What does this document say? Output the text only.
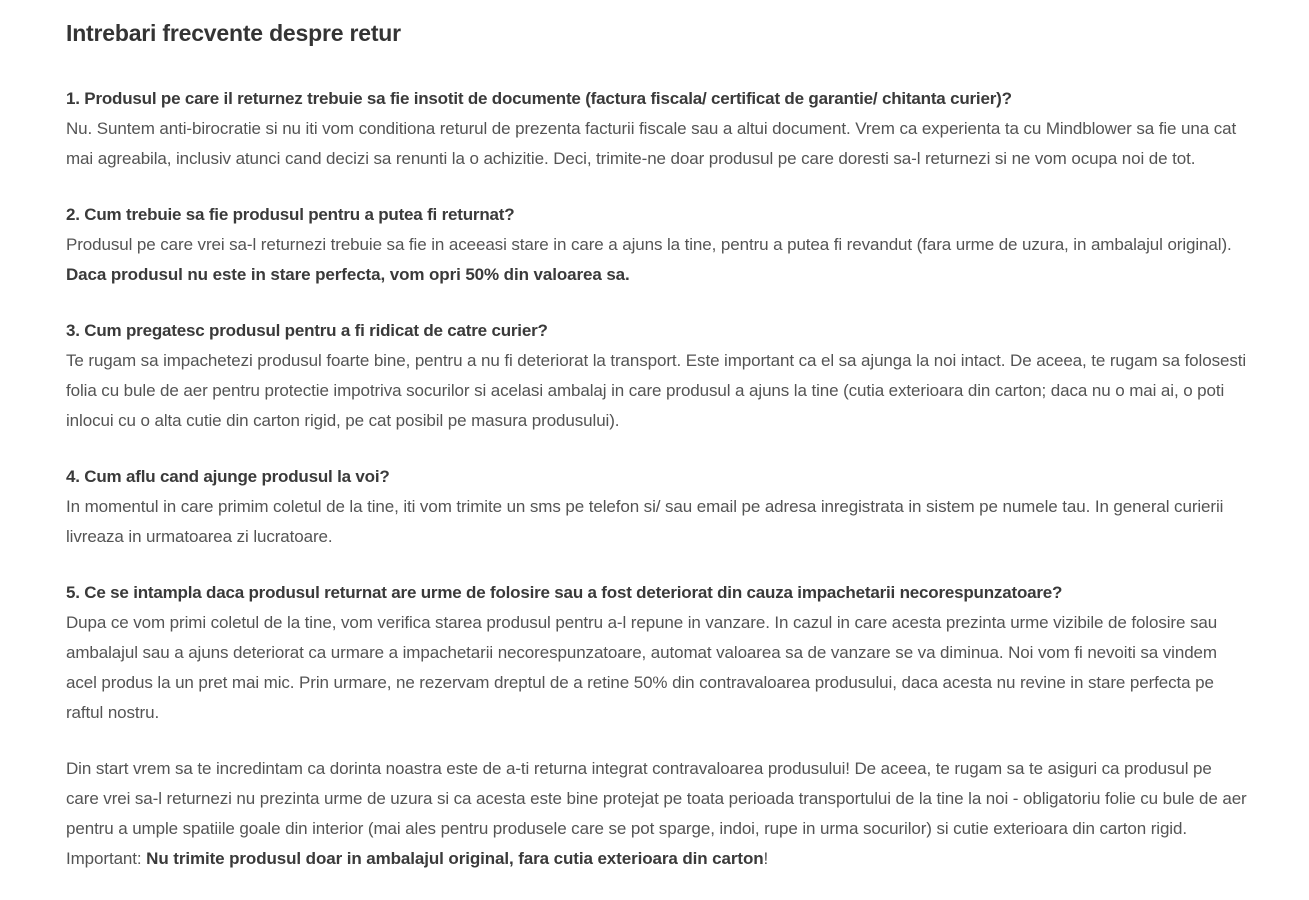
Intrebari frecvente despre retur

1. Produsul pe care il returnez trebuie sa fie insotit de documente (factura fiscala/ certificat de garantie/ chitanta curier)?

Nu. Suntem anti-birocratie si nu iti vom conditiona returul de prezenta facturii fiscale sau a altui document. Vrem ca experienta ta cu Mindblower sa fie una cat mai agreabila, inclusiv atunci cand decizi sa renunti la o achizitie. Deci, trimite-ne doar produsul pe care doresti sa-l returnezi si ne vom ocupa noi de tot.

2. Cum trebuie sa fie produsul pentru a putea fi returnat?

Produsul pe care vrei sa-l returnezi trebuie sa fie in aceeasi stare in care a ajuns la tine, pentru a putea fi revandut (fara urme de uzura, in ambalajul original). Daca produsul nu este in stare perfecta, vom opri 50% din valoarea sa.

3. Cum pregatesc produsul pentru a fi ridicat de catre curier?

Te rugam sa impachetezi produsul foarte bine, pentru a nu fi deteriorat la transport. Este important ca el sa ajunga la noi intact. De aceea, te rugam sa folosesti folia cu bule de aer pentru protectie impotriva socurilor si acelasi ambalaj in care produsul a ajuns la tine (cutia exterioara din carton; daca nu o mai ai, o poti inlocui cu o alta cutie din carton rigid, pe cat posibil pe masura produsului).

4. Cum aflu cand ajunge produsul la voi?

In momentul in care primim coletul de la tine, iti vom trimite un sms pe telefon si/ sau email pe adresa inregistrata in sistem pe numele tau. In general curierii livreaza in urmatoarea zi lucratoare.

5. Ce se intampla daca produsul returnat are urme de folosire sau a fost deteriorat din cauza impachetarii necorespunzatoare?

Dupa ce vom primi coletul de la tine, vom verifica starea produsul pentru a-l repune in vanzare. In cazul in care acesta prezinta urme vizibile de folosire sau ambalajul sau a ajuns deteriorat ca urmare a impachetarii necorespunzatoare, automat valoarea sa de vanzare se va diminua. Noi vom fi nevoiti sa vindem acel produs la un pret mai mic. Prin urmare, ne rezervam dreptul de a retine 50% din contravaloarea produsului, daca acesta nu revine in stare perfecta pe raftul nostru.

Din start vrem sa te incredintam ca dorinta noastra este de a-ti returna integrat contravaloarea produsului! De aceea, te rugam sa te asiguri ca produsul pe care vrei sa-l returnezi nu prezinta urme de uzura si ca acesta este bine protejat pe toata perioada transportului de la tine la noi - obligatoriu folie cu bule de aer pentru a umple spatiile goale din interior (mai ales pentru produsele care se pot sparge, indoi, rupe in urma socurilor) si cutie exterioara din carton rigid.

Important: Nu trimite produsul doar in ambalajul original, fara cutia exterioara din carton!
